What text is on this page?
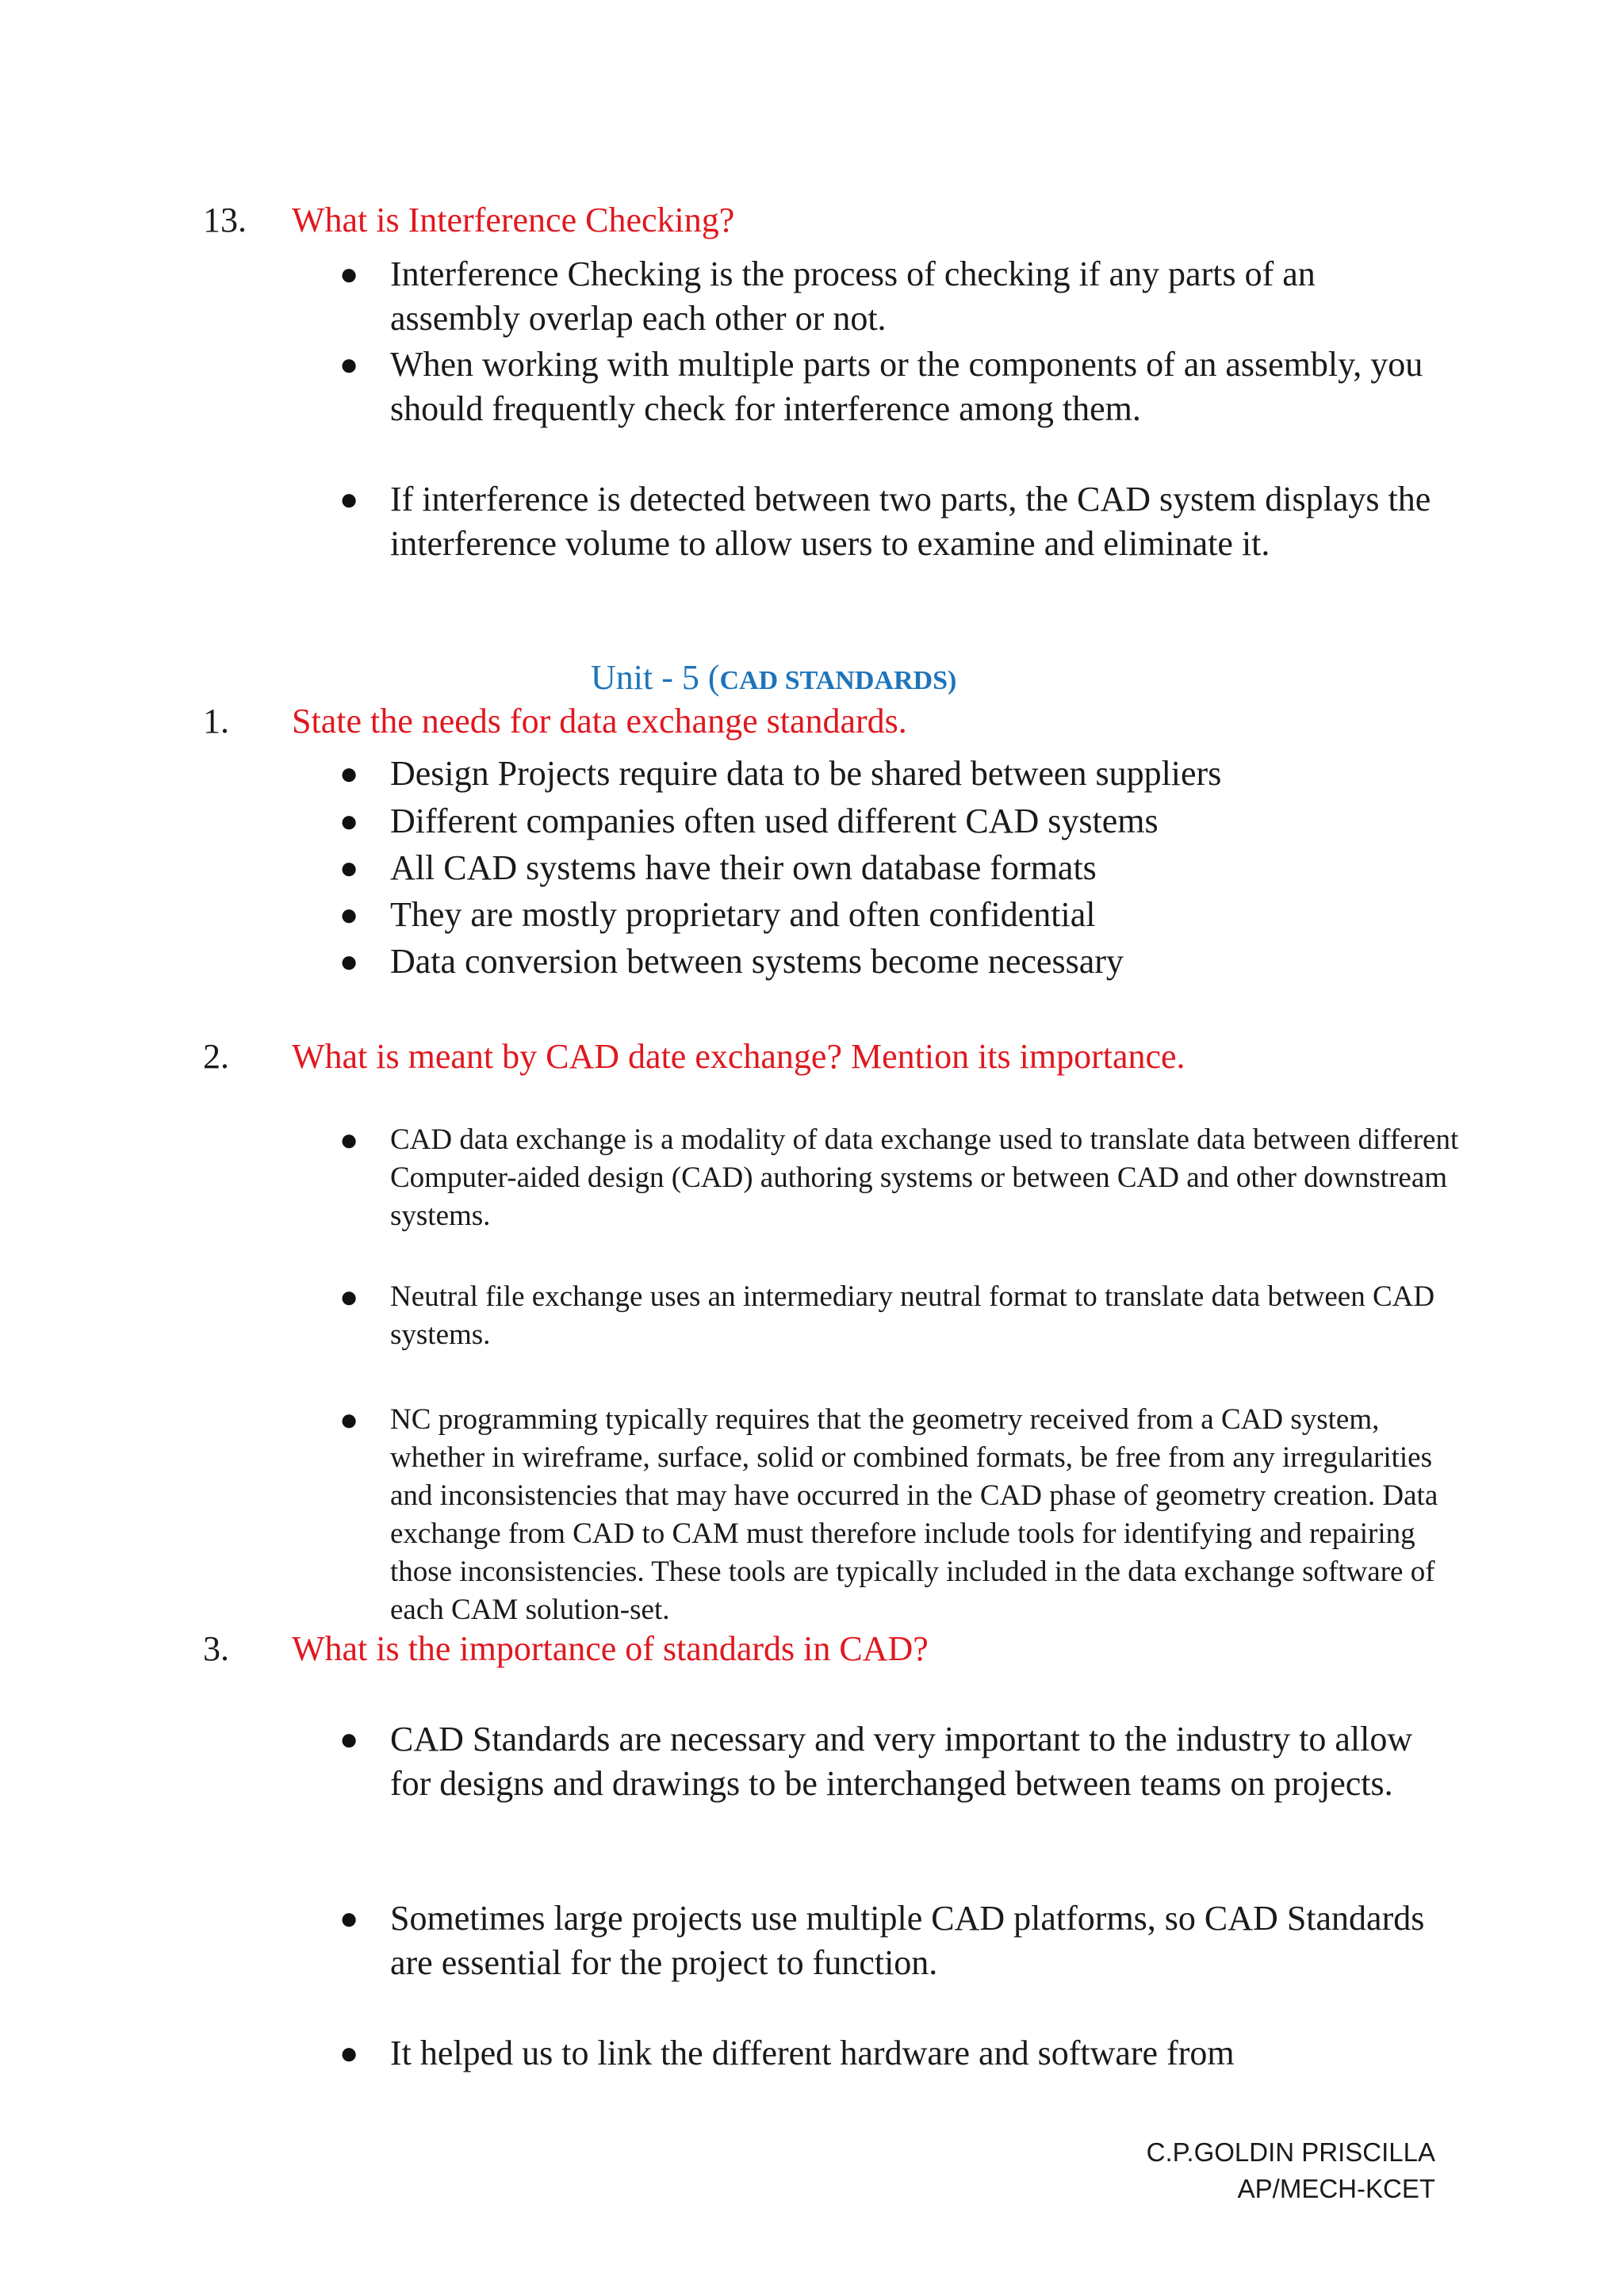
13. What is Interference Checking?
● Interference Checking is the process of checking if any parts of an assembly overlap each other or not.
● When working with multiple parts or the components of an assembly, you should frequently check for interference among them.
● If interference is detected between two parts, the CAD system displays the interference volume to allow users to examine and eliminate it.
Unit - 5 (CAD STANDARDS)
1. State the needs for data exchange standards.
● Design Projects require data to be shared between suppliers
● Different companies often used different CAD systems
● All CAD systems have their own database formats
● They are mostly proprietary and often confidential
● Data conversion between systems become necessary
2. What is meant by CAD date exchange? Mention its importance.
● CAD data exchange is a modality of data exchange used to translate data between different Computer-aided design (CAD) authoring systems or between CAD and other downstream systems.
● Neutral file exchange uses an intermediary neutral format to translate data between CAD systems.
● NC programming typically requires that the geometry received from a CAD system, whether in wireframe, surface, solid or combined formats, be free from any irregularities and inconsistencies that may have occurred in the CAD phase of geometry creation. Data exchange from CAD to CAM must therefore include tools for identifying and repairing those inconsistencies. These tools are typically included in the data exchange software of each CAM solution-set.
3. What is the importance of standards in CAD?
● CAD Standards are necessary and very important to the industry to allow for designs and drawings to be interchanged between teams on projects.
● Sometimes large projects use multiple CAD platforms, so CAD Standards are essential for the project to function.
● It helped us to link the different hardware and software from
C.P.GOLDIN PRISCILLA
AP/MECH-KCET
